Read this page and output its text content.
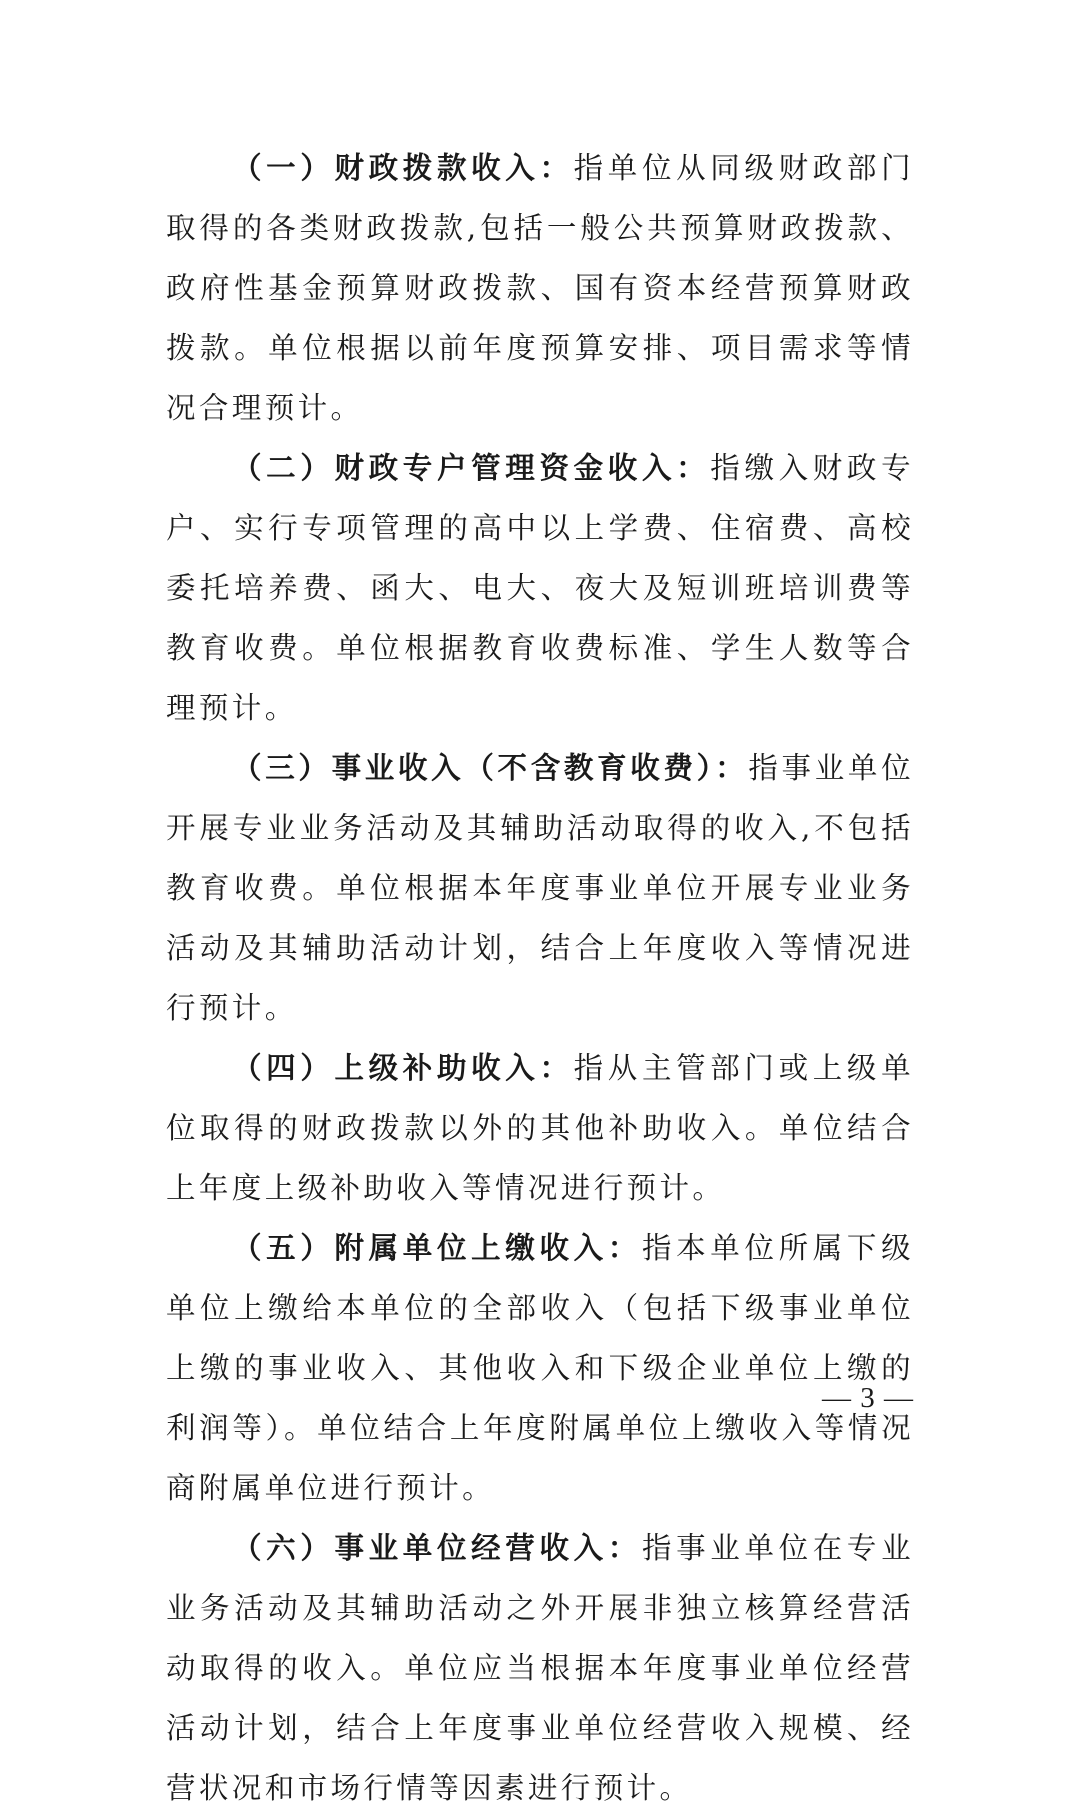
（一）财政拨款收入：指单位从同级财政部门取得的各类财政拨款,包括一般公共预算财政拨款、政府性基金预算财政拨款、国有资本经营预算财政拨款。单位根据以前年度预算安排、项目需求等情况合理预计。

（二）财政专户管理资金收入：指缴入财政专户、实行专项管理的高中以上学费、住宿费、高校委托培养费、函大、电大、夜大及短训班培训费等教育收费。单位根据教育收费标准、学生人数等合理预计。

（三）事业收入（不含教育收费）：指事业单位开展专业业务活动及其辅助活动取得的收入,不包括教育收费。单位根据本年度事业单位开展专业业务活动及其辅助活动计划，结合上年度收入等情况进行预计。

（四）上级补助收入：指从主管部门或上级单位取得的财政拨款以外的其他补助收入。单位结合上年度上级补助收入等情况进行预计。

（五）附属单位上缴收入：指本单位所属下级单位上缴给本单位的全部收入（包括下级事业单位上缴的事业收入、其他收入和下级企业单位上缴的利润等）。单位结合上年度附属单位上缴收入等情况商附属单位进行预计。

（六）事业单位经营收入：指事业单位在专业业务活动及其辅助活动之外开展非独立核算经营活动取得的收入。单位应当根据本年度事业单位经营活动计划，结合上年度事业单位经营收入规模、经营状况和市场行情等因素进行预计。

— 3 —
